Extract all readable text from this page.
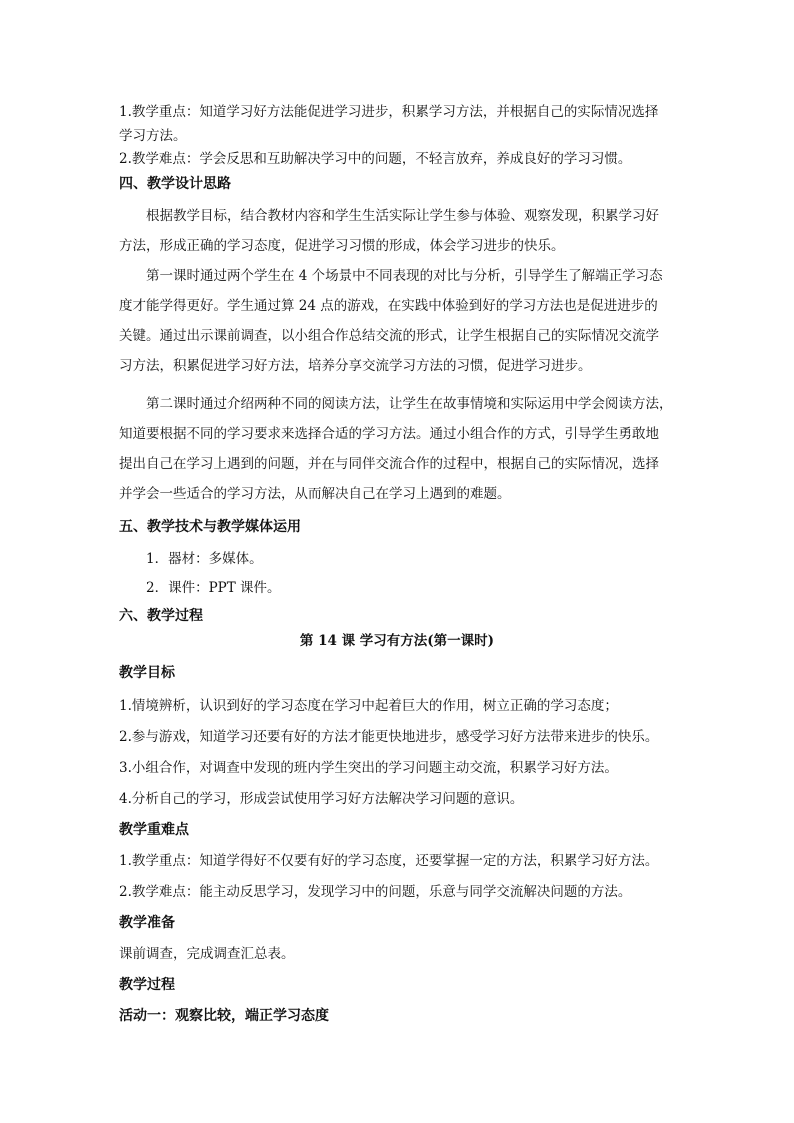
1.教学重点：知道学习好方法能促进学习进步，积累学习方法，并根据自己的实际情况选择
学习方法。
2.教学难点：学会反思和互助解决学习中的问题，不轻言放弃，养成良好的学习习惯。
四、教学设计思路
根据教学目标，结合教材内容和学生生活实际让学生参与体验、观察发现，积累学习好
方法，形成正确的学习态度，促进学习习惯的形成，体会学习进步的快乐。
第一课时通过两个学生在 4 个场景中不同表现的对比与分析，引导学生了解端正学习态
度才能学得更好。学生通过算 24 点的游戏，在实践中体验到好的学习方法也是促进进步的
关键。通过出示课前调查，以小组合作总结交流的形式，让学生根据自己的实际情况交流学
习方法，积累促进学习好方法，培养分享交流学习方法的习惯，促进学习进步。
第二课时通过介绍两种不同的阅读方法，让学生在故事情境和实际运用中学会阅读方法，
知道要根据不同的学习要求来选择合适的学习方法。通过小组合作的方式，引导学生勇敢地
提出自己在学习上遇到的问题，并在与同伴交流合作的过程中，根据自己的实际情况，选择
并学会一些适合的学习方法，从而解决自己在学习上遇到的难题。
五、教学技术与教学媒体运用
1．器材：多媒体。
2．课件：PPT 课件。
六、教学过程
第 14 课 学习有方法(第一课时)
教学目标
1.情境辨析，认识到好的学习态度在学习中起着巨大的作用，树立正确的学习态度；
2.参与游戏，知道学习还要有好的方法才能更快地进步，感受学习好方法带来进步的快乐。
3.小组合作，对调查中发现的班内学生突出的学习问题主动交流，积累学习好方法。
4.分析自己的学习，形成尝试使用学习好方法解决学习问题的意识。
教学重难点
1.教学重点：知道学得好不仅要有好的学习态度，还要掌握一定的方法，积累学习好方法。
2.教学难点：能主动反思学习，发现学习中的问题，乐意与同学交流解决问题的方法。
教学准备
课前调查，完成调查汇总表。
教学过程
活动一：观察比较，端正学习态度
